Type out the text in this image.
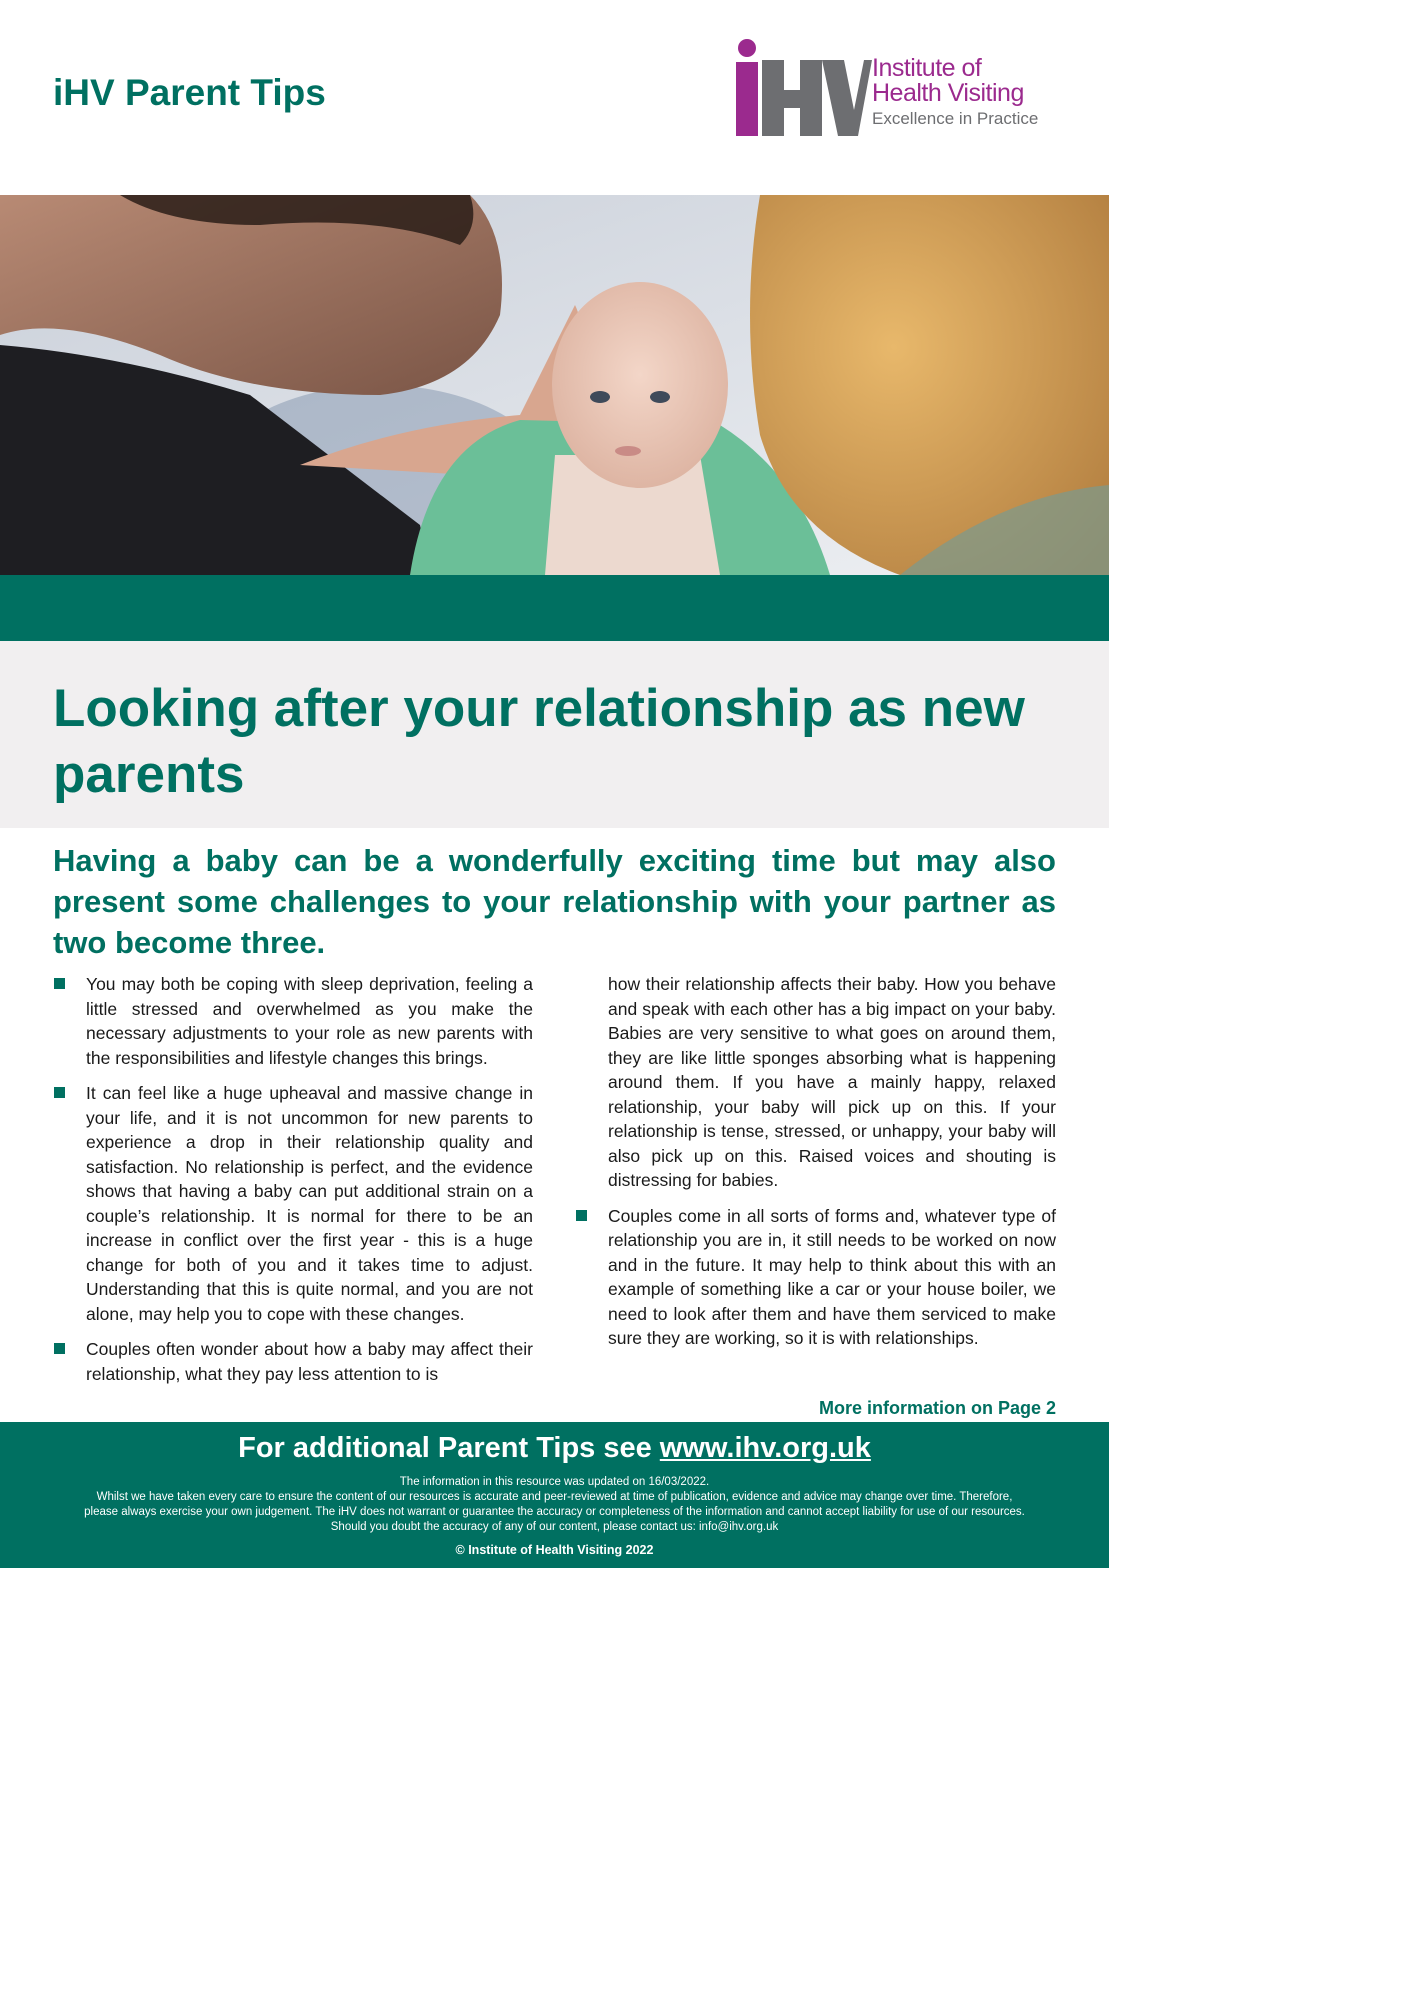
iHV Parent Tips
Institute of
Health Visiting
Excellence in Practice
Looking after your relationship as new parents

Having a baby can be a wonderfully exciting time but may also present some challenges to your relationship with your partner as two become three.

You may both be coping with sleep deprivation, feeling a little stressed and overwhelmed as you make the necessary adjustments to your role as new parents with the responsibilities and lifestyle changes this brings.
It can feel like a huge upheaval and massive change in your life, and it is not uncommon for new parents to experience a drop in their relationship quality and satisfaction. No relationship is perfect, and the evidence shows that having a baby can put additional strain on a couple’s relationship. It is normal for there to be an increase in conflict over the first year - this is a huge change for both of you and it takes time to adjust. Understanding that this is quite normal, and you are not alone, may help you to cope with these changes.
Couples often wonder about how a baby may affect their relationship, what they pay less attention to is
how their relationship affects their baby. How you behave and speak with each other has a big impact on your baby. Babies are very sensitive to what goes on around them, they are like little sponges absorbing what is happening around them. If you have a mainly happy, relaxed relationship, your baby will pick up on this. If your relationship is tense, stressed, or unhappy, your baby will also pick up on this. Raised voices and shouting is distressing for babies.
Couples come in all sorts of forms and, whatever type of relationship you are in, it still needs to be worked on now and in the future. It may help to think about this with an example of something like a car or your house boiler, we need to look after them and have them serviced to make sure they are working, so it is with relationships.
More information on Page 2
For additional Parent Tips see www.ihv.org.uk
The information in this resource was updated on 16/03/2022.
Whilst we have taken every care to ensure the content of our resources is accurate and peer-reviewed at time of publication, evidence and advice may change over time. Therefore,
please always exercise your own judgement. The iHV does not warrant or guarantee the accuracy or completeness of the information and cannot accept liability for use of our resources.
Should you doubt the accuracy of any of our content, please contact us: info@ihv.org.uk
© Institute of Health Visiting 2022
